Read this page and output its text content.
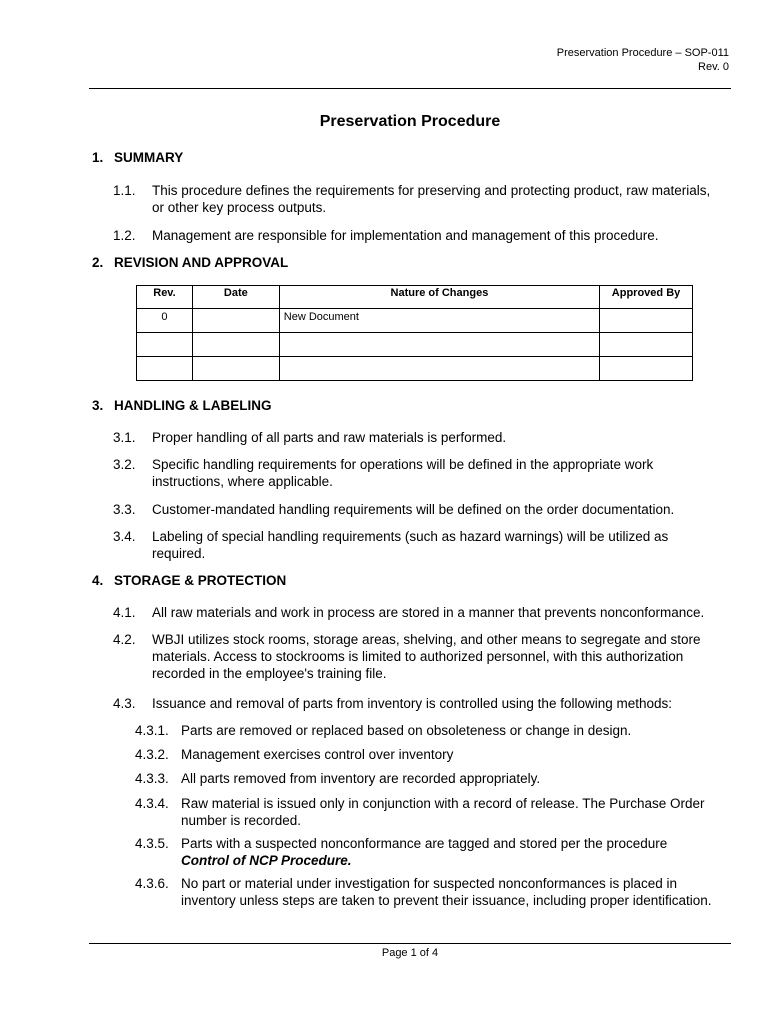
Preservation Procedure – SOP-011
Rev. 0
Preservation Procedure
1. SUMMARY
1.1. This procedure defines the requirements for preserving and protecting product, raw materials,
or other key process outputs.
1.2. Management are responsible for implementation and management of this procedure.
2. REVISION AND APPROVAL
Rev.	Date	Nature of Changes	Approved By
0		New Document	

3. HANDLING & LABELING
3.1. Proper handling of all parts and raw materials is performed.
3.2. Specific handling requirements for operations will be defined in the appropriate work
instructions, where applicable.
3.3. Customer-mandated handling requirements will be defined on the order documentation.
3.4. Labeling of special handling requirements (such as hazard warnings) will be utilized as
required.
4. STORAGE & PROTECTION
4.1. All raw materials and work in process are stored in a manner that prevents nonconformance.
4.2. WBJI utilizes stock rooms, storage areas, shelving, and other means to segregate and store
materials. Access to stockrooms is limited to authorized personnel, with this authorization
recorded in the employee's training file.
4.3. Issuance and removal of parts from inventory is controlled using the following methods:
4.3.1. Parts are removed or replaced based on obsoleteness or change in design.
4.3.2. Management exercises control over inventory
4.3.3. All parts removed from inventory are recorded appropriately.
4.3.4. Raw material is issued only in conjunction with a record of release. The Purchase Order
number is recorded.
4.3.5. Parts with a suspected nonconformance are tagged and stored per the procedure
Control of NCP Procedure.
4.3.6. No part or material under investigation for suspected nonconformances is placed in
inventory unless steps are taken to prevent their issuance, including proper identification.
Page 1 of 4
